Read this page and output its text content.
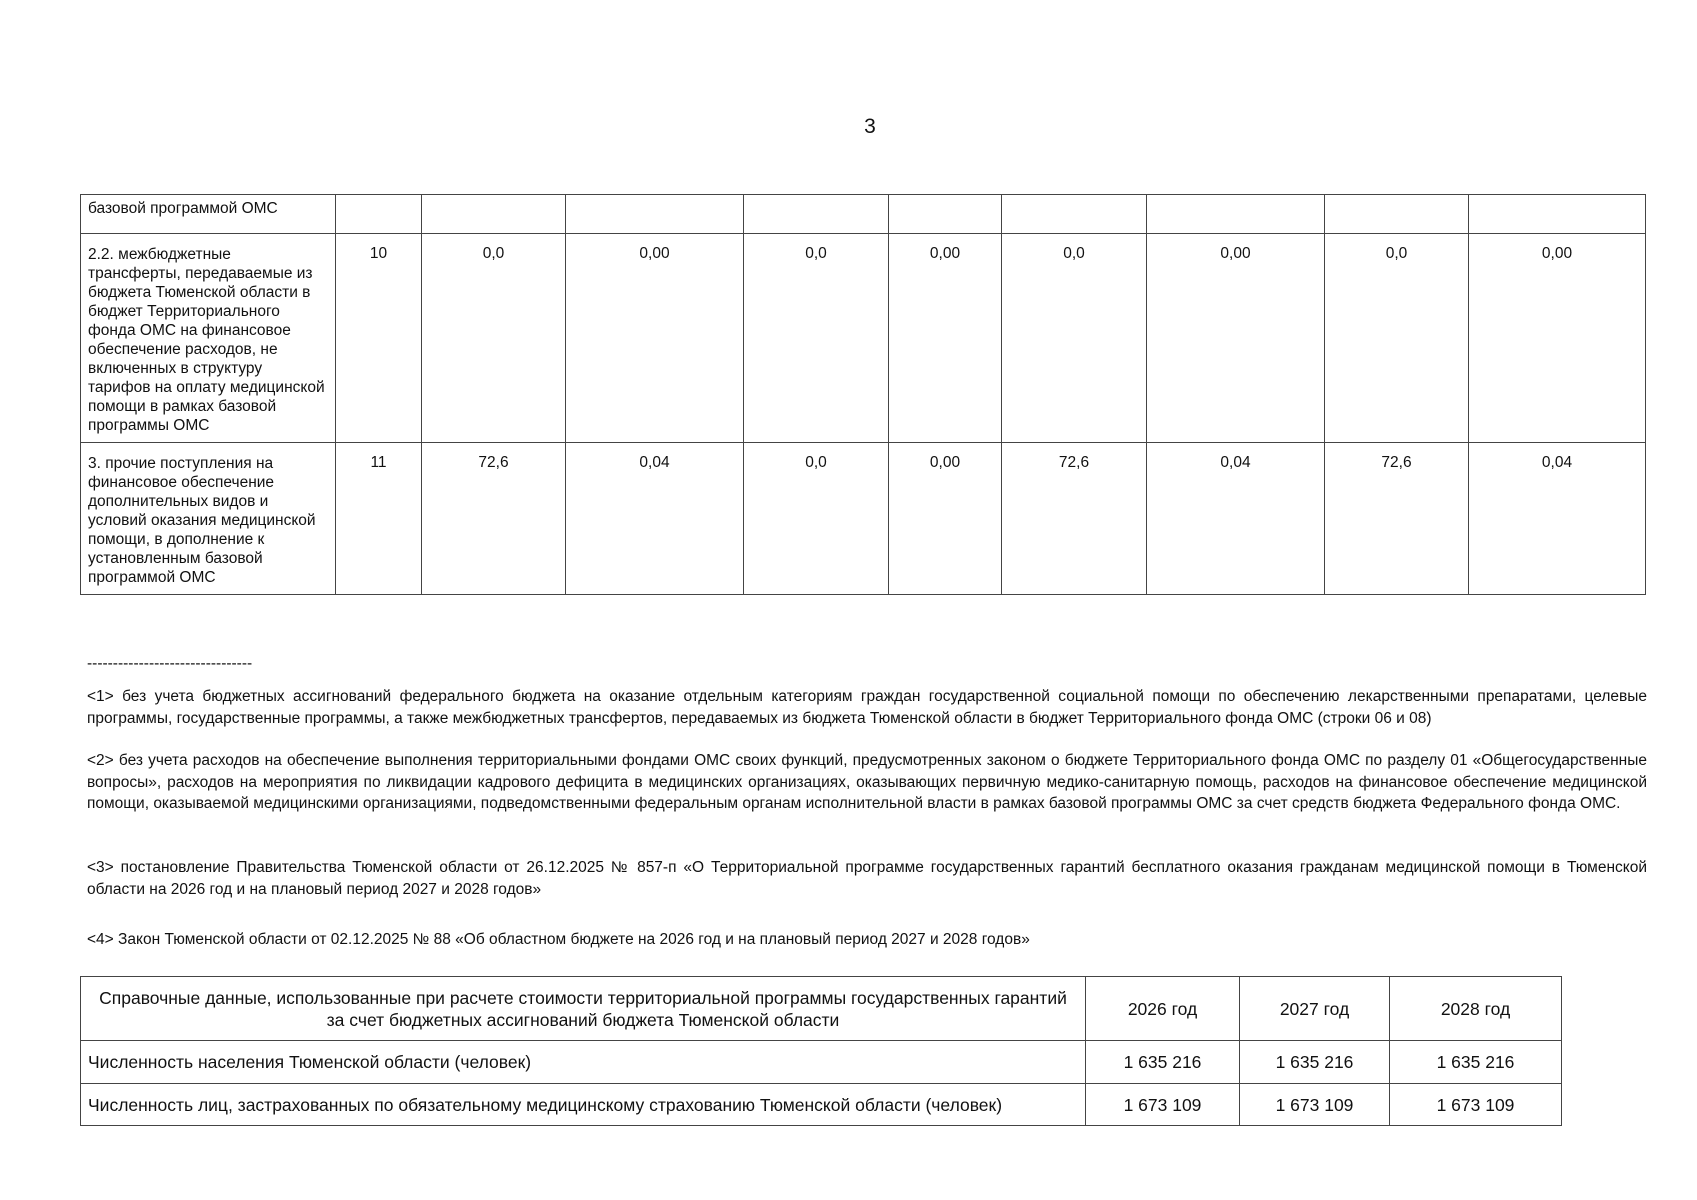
3
базовой программой ОМС									
2.2. межбюджетные трансферты, передаваемые из бюджета Тюменской области в бюджет Территориального фонда ОМС на финансовое обеспечение расходов, не включенных в структуру тарифов на оплату медицинской помощи в рамках базовой программы ОМС	10	0,0	0,00	0,0	0,00	0,0	0,00	0,0	0,00
3. прочие поступления на финансовое обеспечение дополнительных видов и условий оказания медицинской помощи, в дополнение к установленным базовой программой ОМС	11	72,6	0,04	0,0	0,00	72,6	0,04	72,6	0,04
--------------------------------

<1> без учета бюджетных ассигнований федерального бюджета на оказание отдельным категориям граждан государственной социальной помощи по обеспечению лекарственными препаратами, целевые программы, государственные программы, а также межбюджетных трансфертов, передаваемых из бюджета Тюменской области в бюджет Территориального фонда ОМС (строки 06 и 08)

<2> без учета расходов на обеспечение выполнения территориальными фондами ОМС своих функций, предусмотренных законом о бюджете Территориального фонда ОМС по разделу 01 «Общегосударственные вопросы», расходов на мероприятия по ликвидации кадрового дефицита в медицинских организациях, оказывающих первичную медико-санитарную помощь, расходов на финансовое обеспечение медицинской помощи, оказываемой медицинскими организациями, подведомственными федеральным органам исполнительной власти в рамках базовой программы ОМС за счет средств бюджета Федерального фонда ОМС.

<3> постановление Правительства Тюменской области от 26.12.2025 № 857-п «О Территориальной программе государственных гарантий бесплатного оказания гражданам медицинской помощи в Тюменской области на 2026 год и на плановый период 2027 и 2028 годов»

<4> Закон Тюменской области от 02.12.2025 № 88 «Об областном бюджете на 2026 год и на плановый период 2027 и 2028 годов»

Справочные данные, использованные при расчете стоимости территориальной программы государственных гарантий за счет бюджетных ассигнований бюджета Тюменской области	2026 год	2027 год	2028 год
Численность населения Тюменской области (человек)	1 635 216	1 635 216	1 635 216
Численность лиц, застрахованных по обязательному медицинскому страхованию Тюменской области (человек)	1 673 109	1 673 109	1 673 109
